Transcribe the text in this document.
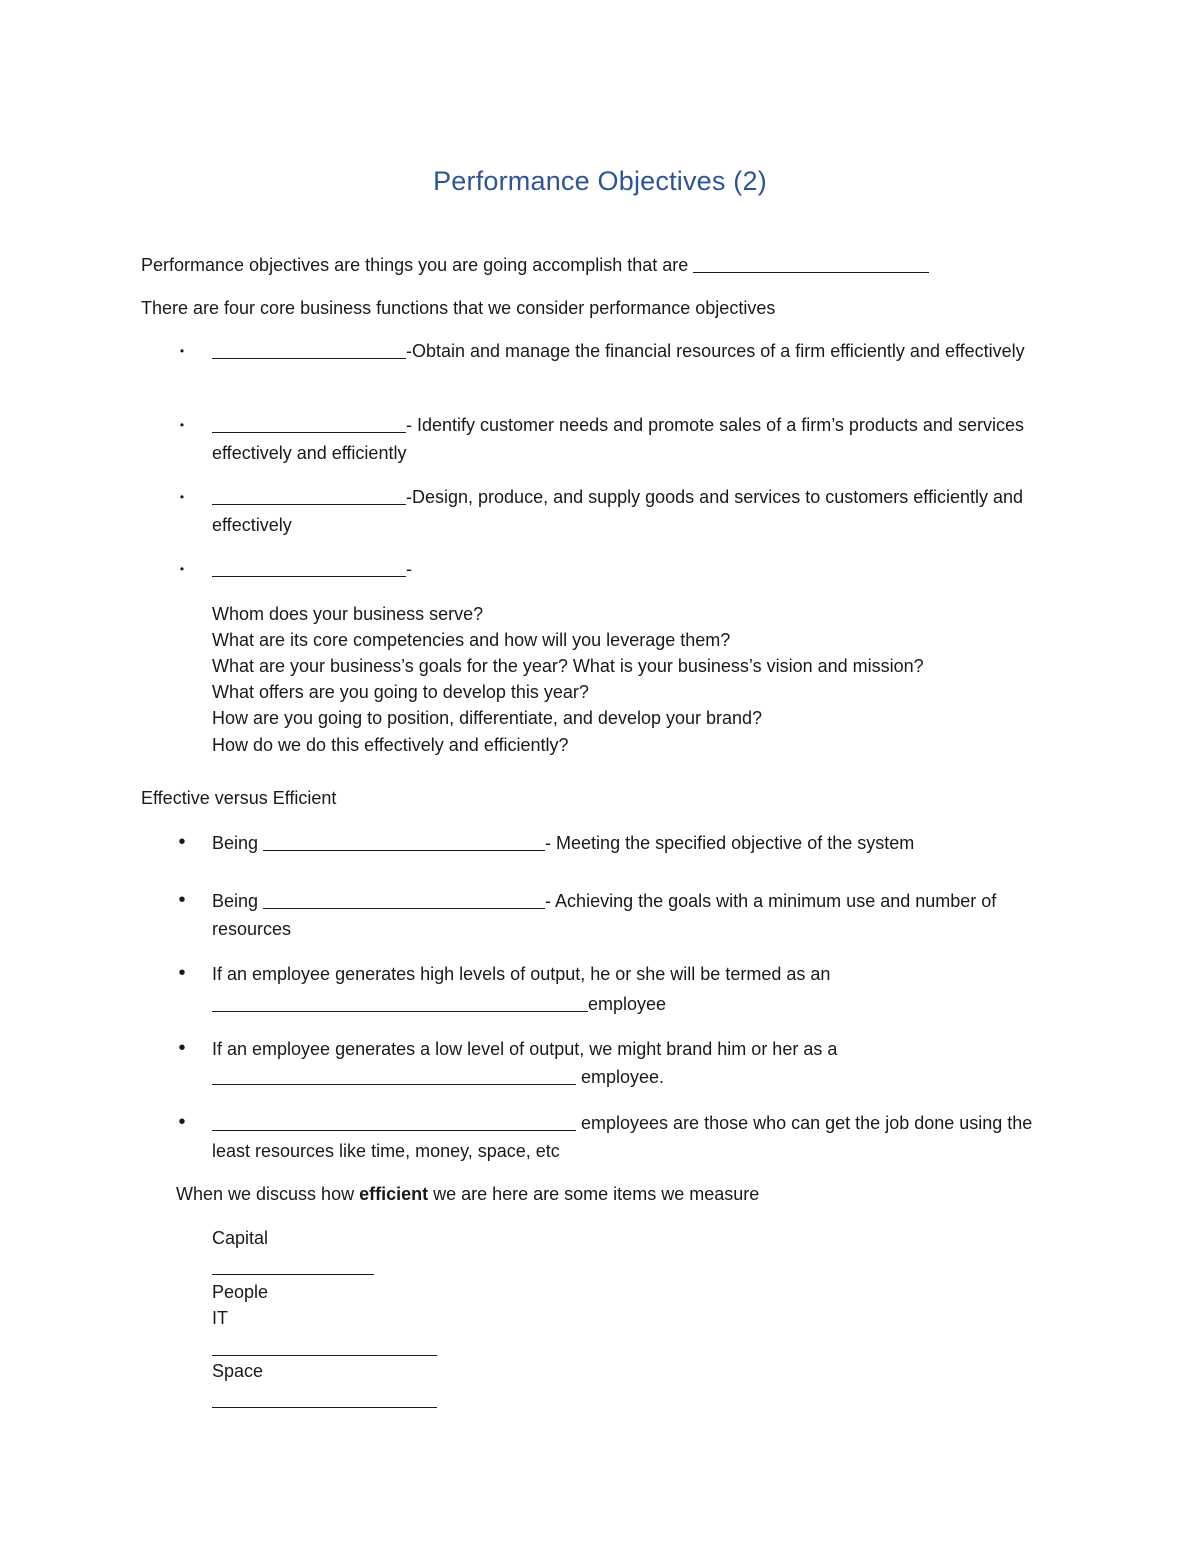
Performance Objectives (2)
Performance objectives are things you are going accomplish that are
There are four core business functions that we consider performance objectives
•	-Obtain and manage the financial resources of a firm efficiently and effectively
•	- Identify customer needs and promote sales of a firm’s products and services effectively and efficiently
•	-Design, produce, and supply goods and services to customers efficiently and effectively
•	-
Whom does your business serve?
What are its core competencies and how will you leverage them?
What are your business’s goals for the year? What is your business’s vision and mission?
What offers are you going to develop this year?
How are you going to position, differentiate, and develop your brand?
How do we do this effectively and efficiently?
Effective versus Efficient
• Being	- Meeting the specified objective of the system
• Being	- Achieving the goals with a minimum use and number of resources
• If an employee generates high levels of output, he or she will be termed as an
employee
• If an employee generates a low level of output, we might brand him or her as a
employee.
•	employees are those who can get the job done using the least resources like time, money, space, etc
When we discuss how efficient we are here are some items we measure
Capital
People
IT
Space
